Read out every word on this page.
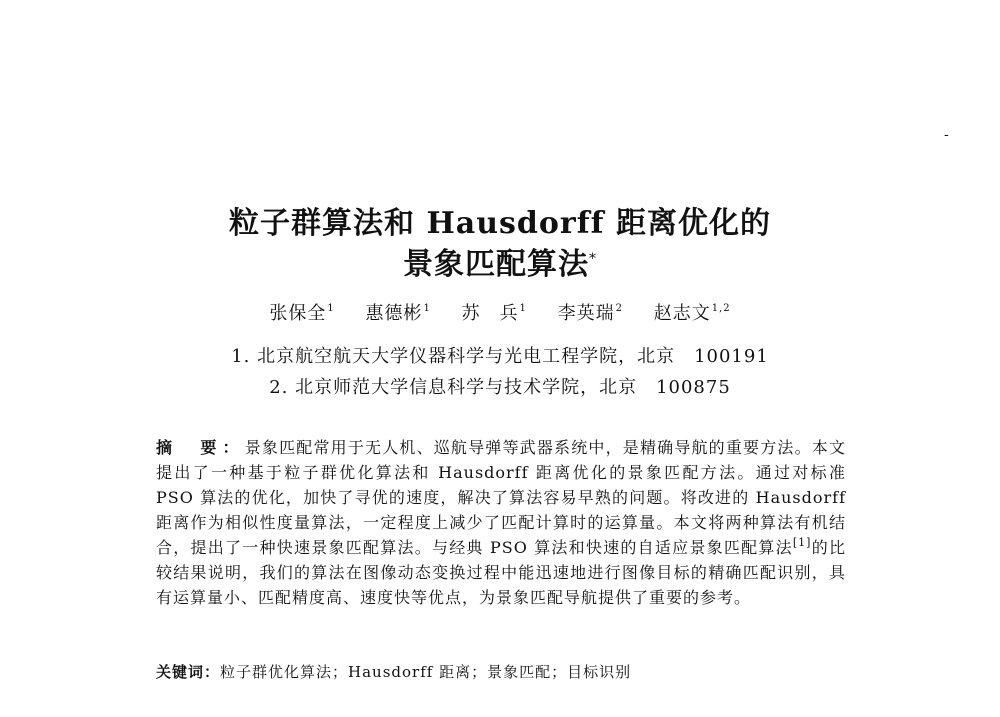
-
粒子群算法和 Hausdorff 距离优化的
景象匹配算法*
张保全$^1$ 惠德彬$^1$ 苏　兵$^1$ 李英瑞$^2$ 赵志文$^{1,2}$
1. 北京航空航天大学仪器科学与光电工程学院，北京　100191
2. 北京师范大学信息科学与技术学院，北京　100875
摘　要：景象匹配常用于无人机、巡航导弹等武器系统中，是精确导航的重要方法。本文提出了一种基于粒子群优化算法和 Hausdorff 距离优化的景象匹配方法。通过对标准 PSO 算法的优化，加快了寻优的速度，解决了算法容易早熟的问题。将改进的 Hausdorff 距离作为相似性度量算法，一定程度上减少了匹配计算时的运算量。本文将两种算法有机结合，提出了一种快速景象匹配算法。与经典 PSO 算法和快速的自适应景象匹配算法[1]的比较结果说明，我们的算法在图像动态变换过程中能迅速地进行图像目标的精确匹配识别，具有运算量小、匹配精度高、速度快等优点，为景象匹配导航提供了重要的参考。
关键词：粒子群优化算法；Hausdorff 距离；景象匹配；目标识别
